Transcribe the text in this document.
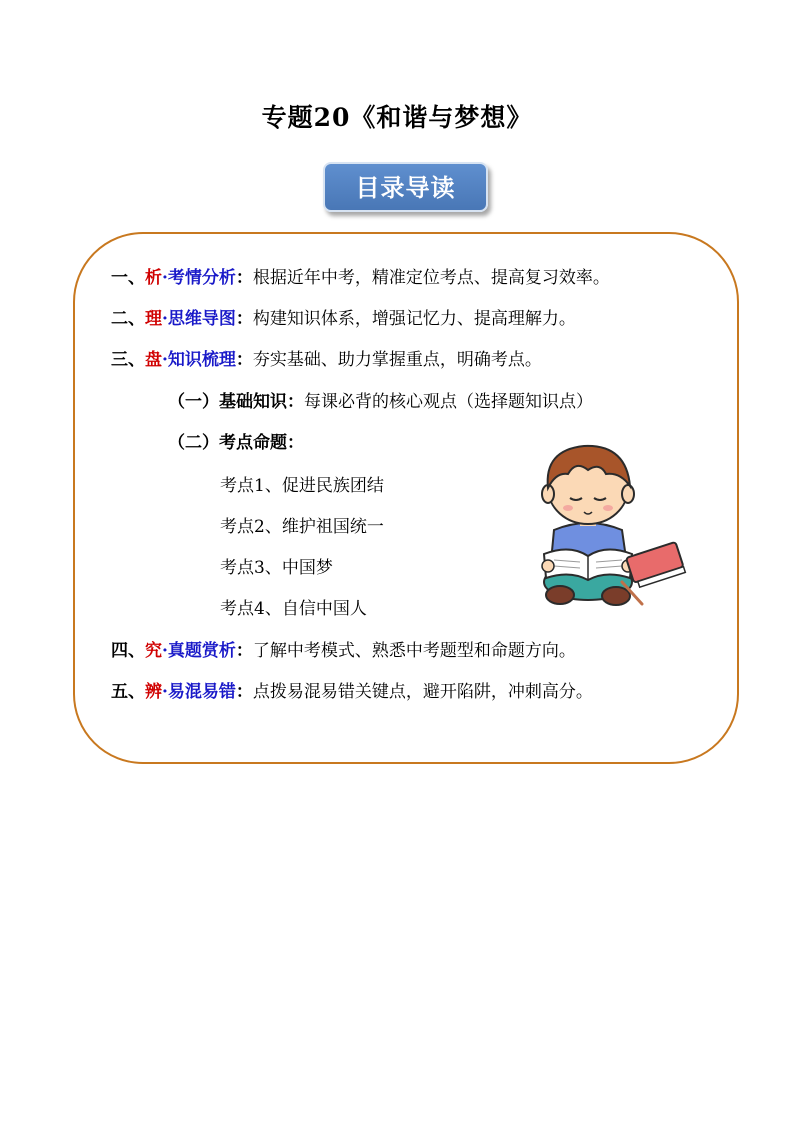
专题20《和谐与梦想》
目录导读
一、析·考情分析：根据近年中考，精准定位考点、提高复习效率。
二、理·思维导图：构建知识体系，增强记忆力、提高理解力。
三、盘·知识梳理：夯实基础、助力掌握重点，明确考点。
（一）基础知识：每课必背的核心观点（选择题知识点）
（二）考点命题：
考点1、促进民族团结
考点2、维护祖国统一
考点3、中国梦
考点4、自信中国人
四、究·真题赏析：了解中考模式、熟悉中考题型和命题方向。
五、辨·易混易错：点拨易混易错关键点，避开陷阱，冲刺高分。
